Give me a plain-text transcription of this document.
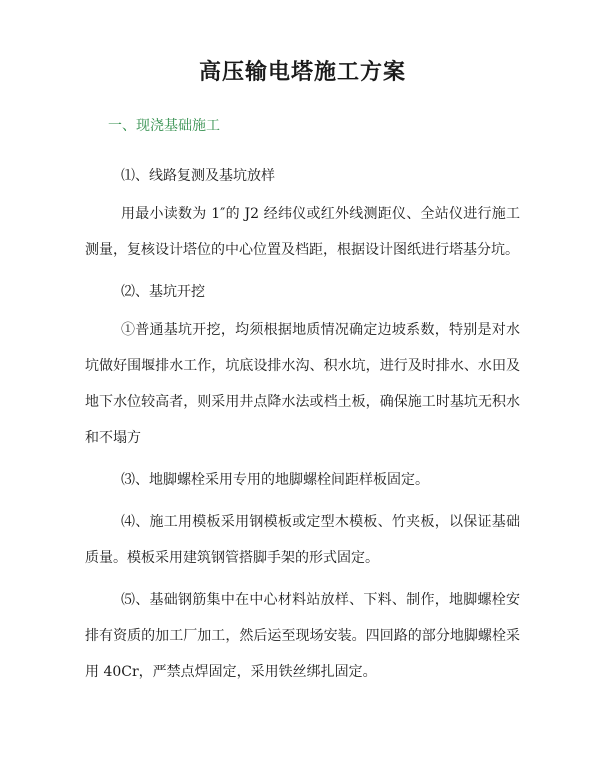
高压输电塔施工方案
一、现浇基础施工

⑴、线路复测及基坑放样

用最小读数为 1″的 J2 经纬仪或红外线测距仪、全站仪进行施工测量，复核设计塔位的中心位置及档距，根据设计图纸进行塔基分坑。

⑵、基坑开挖

①普通基坑开挖，均须根据地质情况确定边坡系数，特别是对水坑做好围堰排水工作，坑底设排水沟、积水坑，进行及时排水、水田及地下水位较高者，则采用井点降水法或档土板，确保施工时基坑无积水和不塌方

⑶、地脚螺栓采用专用的地脚螺栓间距样板固定。

⑷、施工用模板采用钢模板或定型木模板、竹夹板，以保证基础质量。模板采用建筑钢管搭脚手架的形式固定。

⑸、基础钢筋集中在中心材料站放样、下料、制作，地脚螺栓安排有资质的加工厂加工，然后运至现场安装。四回路的部分地脚螺栓采用 40Cr，严禁点焊固定，采用铁丝绑扎固定。
